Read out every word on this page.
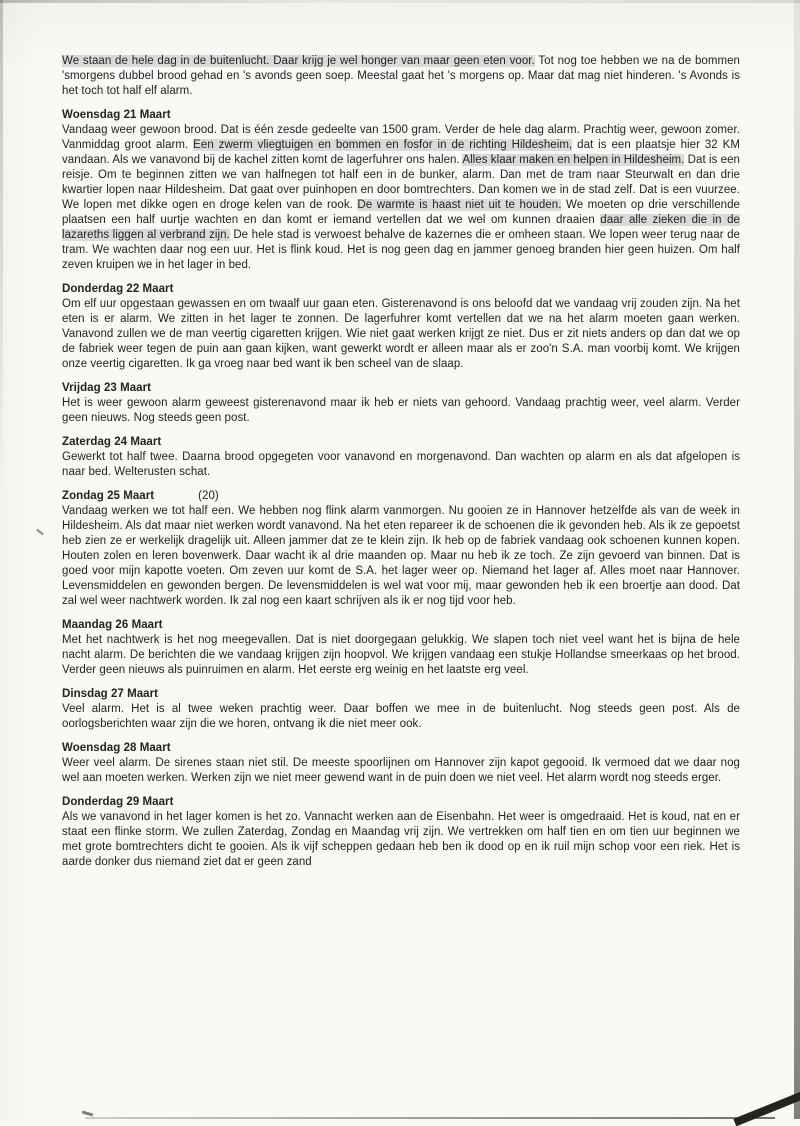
We staan de hele dag in de buitenlucht. Daar krijg je wel honger van maar geen eten voor. Tot nog toe hebben we na de bommen 'smorgens dubbel brood gehad en 's avonds geen soep. Meestal gaat het 's morgens op. Maar dat mag niet hinderen. 's Avonds is het toch tot half elf alarm.

Woensdag 21 Maart

Vandaag weer gewoon brood. Dat is één zesde gedeelte van 1500 gram. Verder de hele dag alarm. Prachtig weer, gewoon zomer. Vanmiddag groot alarm. Een zwerm vliegtuigen en bommen en fosfor in de richting Hildesheim, dat is een plaatsje hier 32 KM vandaan. Als we vanavond bij de kachel zitten komt de lagerfuhrer ons halen. Alles klaar maken en helpen in Hildesheim. Dat is een reisje. Om te beginnen zitten we van halfnegen tot half een in de bunker, alarm. Dan met de tram naar Steurwalt en dan drie kwartier lopen naar Hildesheim. Dat gaat over puinhopen en door bomtrechters. Dan komen we in de stad zelf. Dat is een vuurzee. We lopen met dikke ogen en droge kelen van de rook. De warmte is haast niet uit te houden. We moeten op drie verschillende plaatsen een half uurtje wachten en dan komt er iemand vertellen dat we wel om kunnen draaien daar alle zieken die in de lazareths liggen al verbrand zijn. De hele stad is verwoest behalve de kazernes die er omheen staan. We lopen weer terug naar de tram. We wachten daar nog een uur. Het is flink koud. Het is nog geen dag en jammer genoeg branden hier geen huizen. Om half zeven kruipen we in het lager in bed.

Donderdag 22 Maart

Om elf uur opgestaan gewassen en om twaalf uur gaan eten. Gisterenavond is ons beloofd dat we vandaag vrij zouden zijn. Na het eten is er alarm. We zitten in het lager te zonnen. De lagerfuhrer komt vertellen dat we na het alarm moeten gaan werken. Vanavond zullen we de man veertig cigaretten krijgen. Wie niet gaat werken krijgt ze niet. Dus er zit niets anders op dan dat we op de fabriek weer tegen de puin aan gaan kijken, want gewerkt wordt er alleen maar als er zoo'n S.A. man voorbij komt. We krijgen onze veertig cigaretten. Ik ga vroeg naar bed want ik ben scheel van de slaap.

Vrijdag 23 Maart

Het is weer gewoon alarm geweest gisterenavond maar ik heb er niets van gehoord. Vandaag prachtig weer, veel alarm. Verder geen nieuws. Nog steeds geen post.

Zaterdag 24 Maart

Gewerkt tot half twee. Daarna brood opgegeten voor vanavond en morgenavond. Dan wachten op alarm en als dat afgelopen is naar bed. Welterusten schat.

Zondag 25 Maart	(20)

Vandaag werken we tot half een. We hebben nog flink alarm vanmorgen. Nu gooien ze in Hannover hetzelfde als van de week in Hildesheim. Als dat maar niet werken wordt vanavond. Na het eten repareer ik de schoenen die ik gevonden heb. Als ik ze gepoetst heb zien ze er werkelijk dragelijk uit. Alleen jammer dat ze te klein zijn. Ik heb op de fabriek vandaag ook schoenen kunnen kopen. Houten zolen en leren bovenwerk. Daar wacht ik al drie maanden op. Maar nu heb ik ze toch. Ze zijn gevoerd van binnen. Dat is goed voor mijn kapotte voeten. Om zeven uur komt de S.A. het lager weer op. Niemand het lager af. Alles moet naar Hannover. Levensmiddelen en gewonden bergen. De levensmiddelen is wel wat voor mij, maar gewonden heb ik een broertje aan dood. Dat zal wel weer nachtwerk worden. Ik zal nog een kaart schrijven als ik er nog tijd voor heb.

Maandag 26 Maart

Met het nachtwerk is het nog meegevallen. Dat is niet doorgegaan gelukkig. We slapen toch niet veel want het is bijna de hele nacht alarm. De berichten die we vandaag krijgen zijn hoopvol. We krijgen vandaag een stukje Hollandse smeerkaas op het brood. Verder geen nieuws als puinruimen en alarm. Het eerste erg weinig en het laatste erg veel.

Dinsdag 27 Maart

Veel alarm. Het is al twee weken prachtig weer. Daar boffen we mee in de buitenlucht. Nog steeds geen post. Als de oorlogsberichten waar zijn die we horen, ontvang ik die niet meer ook.

Woensdag 28 Maart

Weer veel alarm. De sirenes staan niet stil. De meeste spoorlijnen om Hannover zijn kapot gegooid. Ik vermoed dat we daar nog wel aan moeten werken. Werken zijn we niet meer gewend want in de puin doen we niet veel. Het alarm wordt nog steeds erger.

Donderdag 29 Maart

Als we vanavond in het lager komen is het zo. Vannacht werken aan de Eisenbahn. Het weer is omgedraaid. Het is koud, nat en er staat een flinke storm. We zullen Zaterdag, Zondag en Maandag vrij zijn. We vertrekken om half tien en om tien uur beginnen we met grote bomtrechters dicht te gooien. Als ik vijf scheppen gedaan heb ben ik dood op en ik ruil mijn schop voor een riek. Het is aarde donker dus niemand ziet dat er geen zand
